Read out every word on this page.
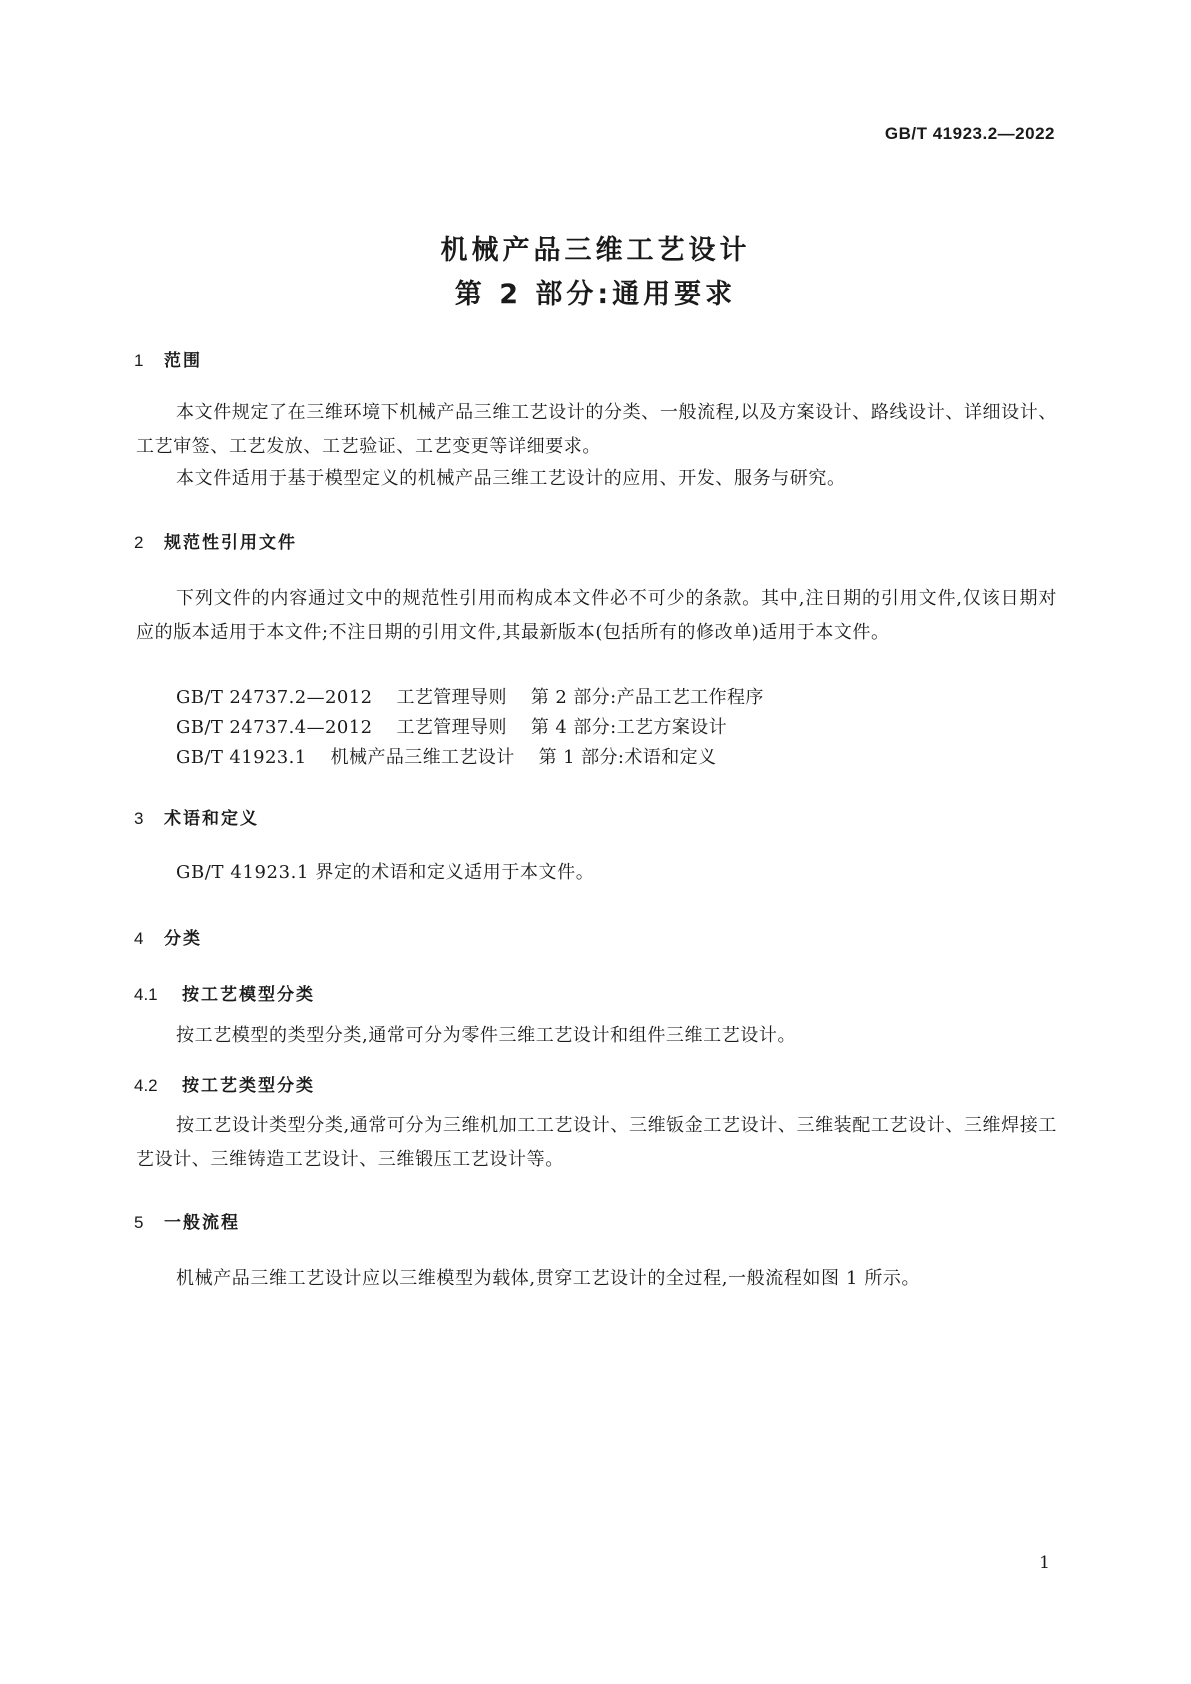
GB/T 41923.2—2022
机械产品三维工艺设计
第 2 部分:通用要求
1 范围
本文件规定了在三维环境下机械产品三维工艺设计的分类、一般流程,以及方案设计、路线设计、详细设计、工艺审签、工艺发放、工艺验证、工艺变更等详细要求。
本文件适用于基于模型定义的机械产品三维工艺设计的应用、开发、服务与研究。
2 规范性引用文件
下列文件的内容通过文中的规范性引用而构成本文件必不可少的条款。其中,注日期的引用文件,仅该日期对应的版本适用于本文件;不注日期的引用文件,其最新版本(包括所有的修改单)适用于本文件。
GB/T 24737.2—2012 工艺管理导则 第 2 部分:产品工艺工作程序
GB/T 24737.4—2012 工艺管理导则 第 4 部分:工艺方案设计
GB/T 41923.1 机械产品三维工艺设计 第 1 部分:术语和定义
3 术语和定义
GB/T 41923.1 界定的术语和定义适用于本文件。
4 分类
4.1 按工艺模型分类
按工艺模型的类型分类,通常可分为零件三维工艺设计和组件三维工艺设计。
4.2 按工艺类型分类
按工艺设计类型分类,通常可分为三维机加工工艺设计、三维钣金工艺设计、三维装配工艺设计、三维焊接工艺设计、三维铸造工艺设计、三维锻压工艺设计等。
5 一般流程
机械产品三维工艺设计应以三维模型为载体,贯穿工艺设计的全过程,一般流程如图 1 所示。
1
